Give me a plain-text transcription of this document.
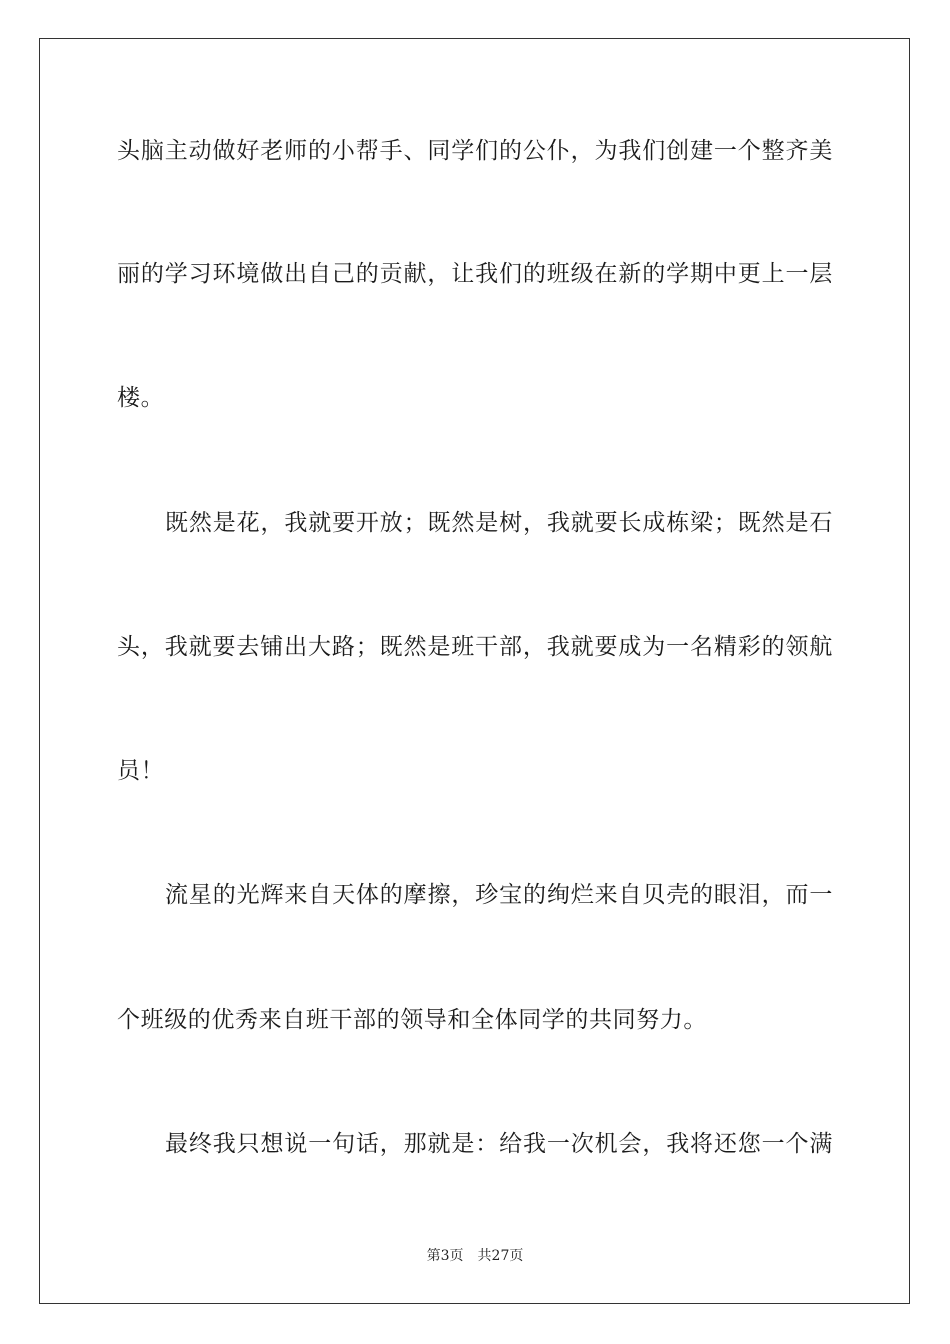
头脑主动做好老师的小帮手、同学们的公仆，为我们创建一个整齐美
丽的学习环境做出自己的贡献，让我们的班级在新的学期中更上一层
楼。
既然是花，我就要开放；既然是树，我就要长成栋梁；既然是石
头，我就要去铺出大路；既然是班干部，我就要成为一名精彩的领航
员！
流星的光辉来自天体的摩擦，珍宝的绚烂来自贝壳的眼泪，而一
个班级的优秀来自班干部的领导和全体同学的共同努力。
最终我只想说一句话，那就是：给我一次机会，我将还您一个满
第3页 共27页
